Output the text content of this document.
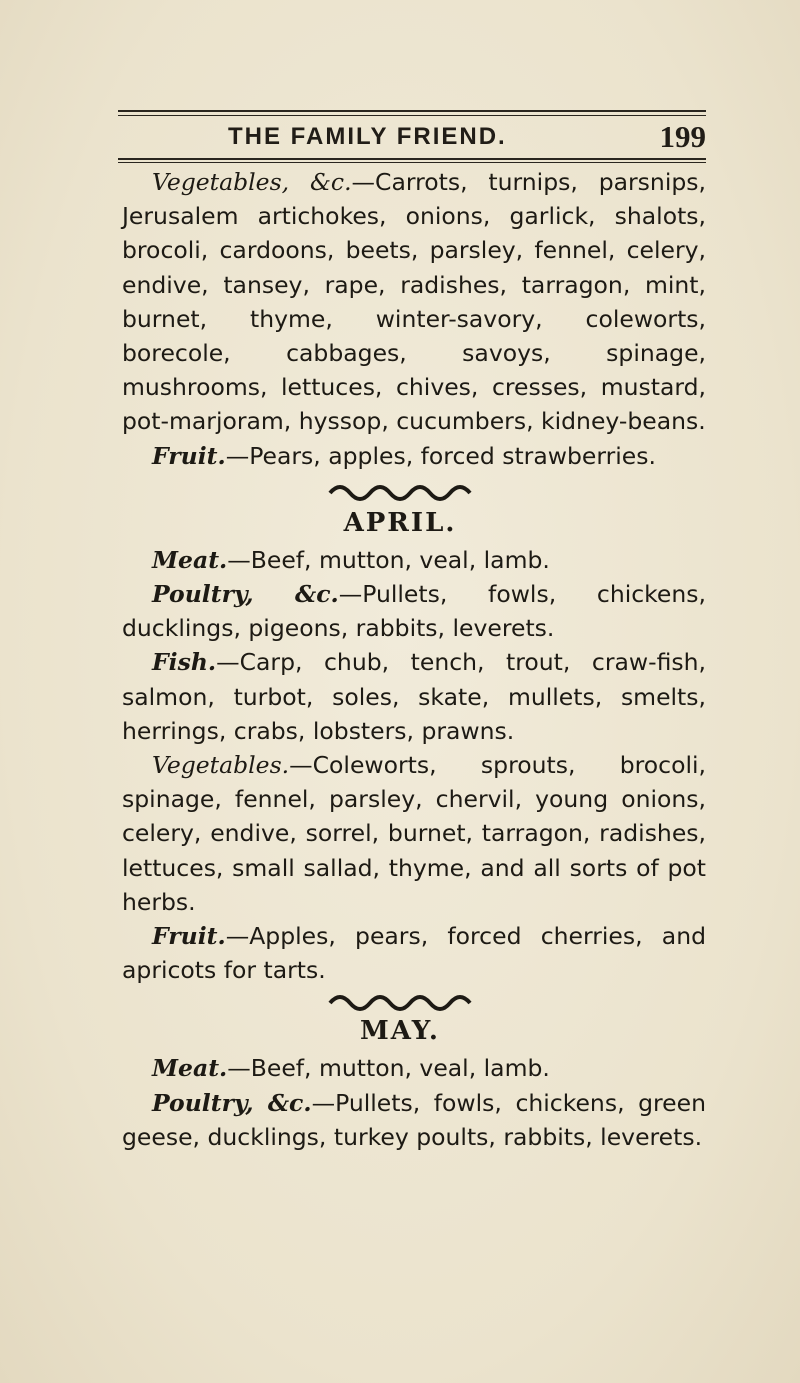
THE FAMILY FRIEND.	199

Vegetables, &c.—Carrots, turnips, parsnips, Jerusalem artichokes, onions, garlick, shalots, brocoli, cardoons, beets, parsley, fennel, celery, endive, tansey, rape, radishes, tarragon, mint, burnet, thyme, winter-savory, coleworts, borecole, cabbages, savoys, spinage, mushrooms, lettuces, chives, cresses, mustard, pot-marjoram, hyssop, cucumbers, kidney-beans.

Fruit.—Pears, apples, forced strawberries.

APRIL.

Meat.—Beef, mutton, veal, lamb.

Poultry, &c.—Pullets, fowls, chickens, ducklings, pigeons, rabbits, leverets.

Fish.—Carp, chub, tench, trout, craw-fish, salmon, turbot, soles, skate, mullets, smelts, herrings, crabs, lobsters, prawns.

Vegetables.—Coleworts, sprouts, brocoli, spinage, fennel, parsley, chervil, young onions, celery, endive, sorrel, burnet, tarragon, radishes, lettuces, small sallad, thyme, and all sorts of pot herbs.

Fruit.—Apples, pears, forced cherries, and apricots for tarts.

MAY.

Meat.—Beef, mutton, veal, lamb.

Poultry, &c.—Pullets, fowls, chickens, green geese, ducklings, turkey poults, rabbits, leverets.
